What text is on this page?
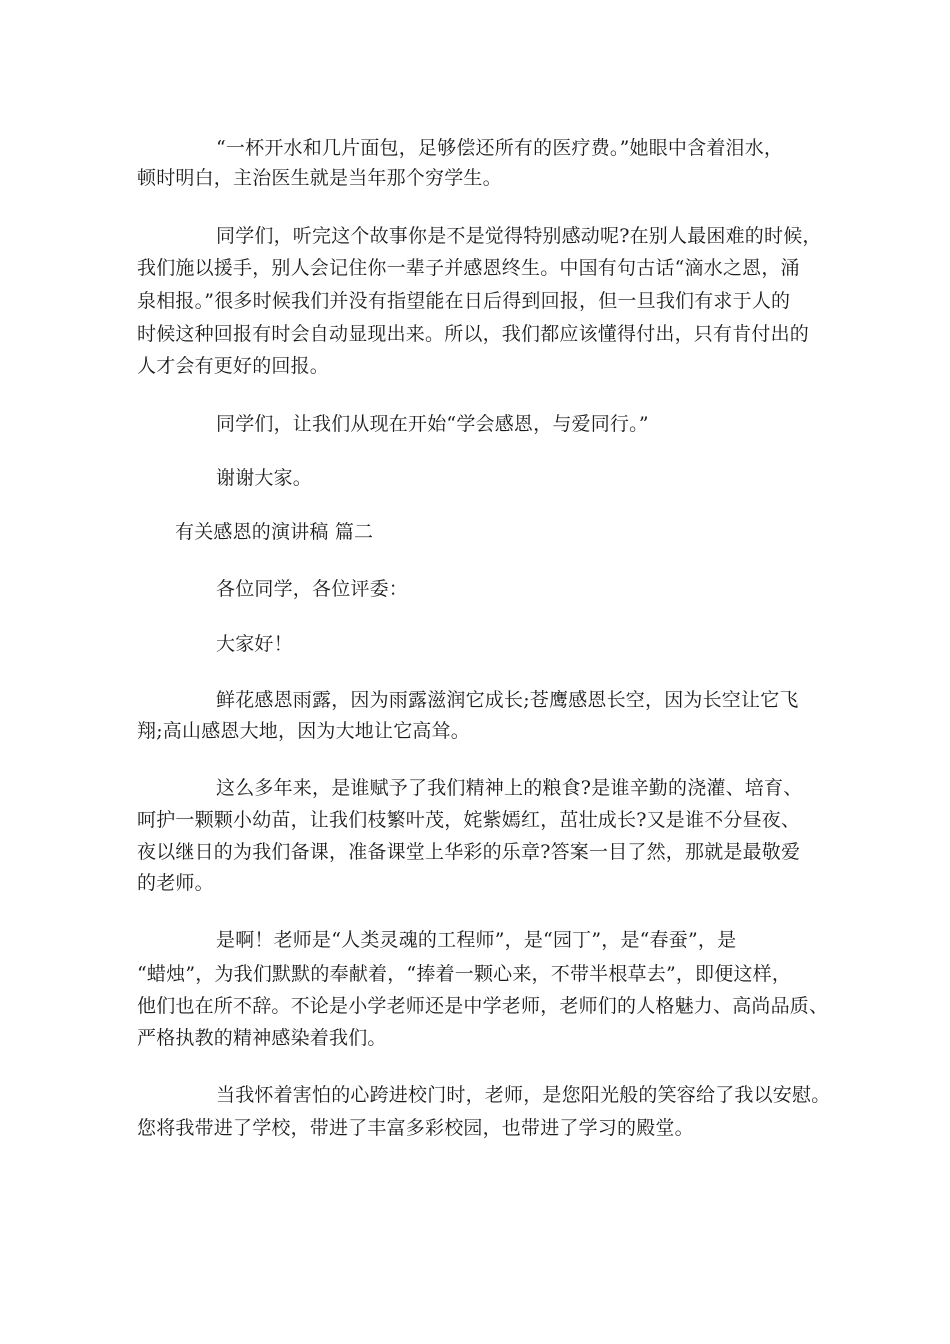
“一杯开水和几片面包，足够偿还所有的医疗费。”她眼中含着泪水，
顿时明白，主治医生就是当年那个穷学生。
同学们，听完这个故事你是不是觉得特别感动呢?在别人最困难的时候，
我们施以援手，别人会记住你一辈子并感恩终生。中国有句古话“滴水之恩，涌
泉相报。”很多时候我们并没有指望能在日后得到回报，但一旦我们有求于人的
时候这种回报有时会自动显现出来。所以，我们都应该懂得付出，只有肯付出的
人才会有更好的回报。
同学们，让我们从现在开始“学会感恩，与爱同行。”
谢谢大家。
有关感恩的演讲稿 篇二
各位同学，各位评委：
大家好！
鲜花感恩雨露，因为雨露滋润它成长;苍鹰感恩长空，因为长空让它飞
翔;高山感恩大地，因为大地让它高耸。
这么多年来，是谁赋予了我们精神上的粮食?是谁辛勤的浇灌、培育、
呵护一颗颗小幼苗，让我们枝繁叶茂，姹紫嫣红，茁壮成长?又是谁不分昼夜、
夜以继日的为我们备课，准备课堂上华彩的乐章?答案一目了然，那就是最敬爱
的老师。
是啊！老师是“人类灵魂的工程师”，是“园丁”，是“春蚕”，是
“蜡烛”，为我们默默的奉献着，“捧着一颗心来，不带半根草去”，即便这样，
他们也在所不辞。不论是小学老师还是中学老师，老师们的人格魅力、高尚品质、
严格执教的精神感染着我们。
当我怀着害怕的心跨进校门时，老师，是您阳光般的笑容给了我以安慰。
您将我带进了学校，带进了丰富多彩校园，也带进了学习的殿堂。
